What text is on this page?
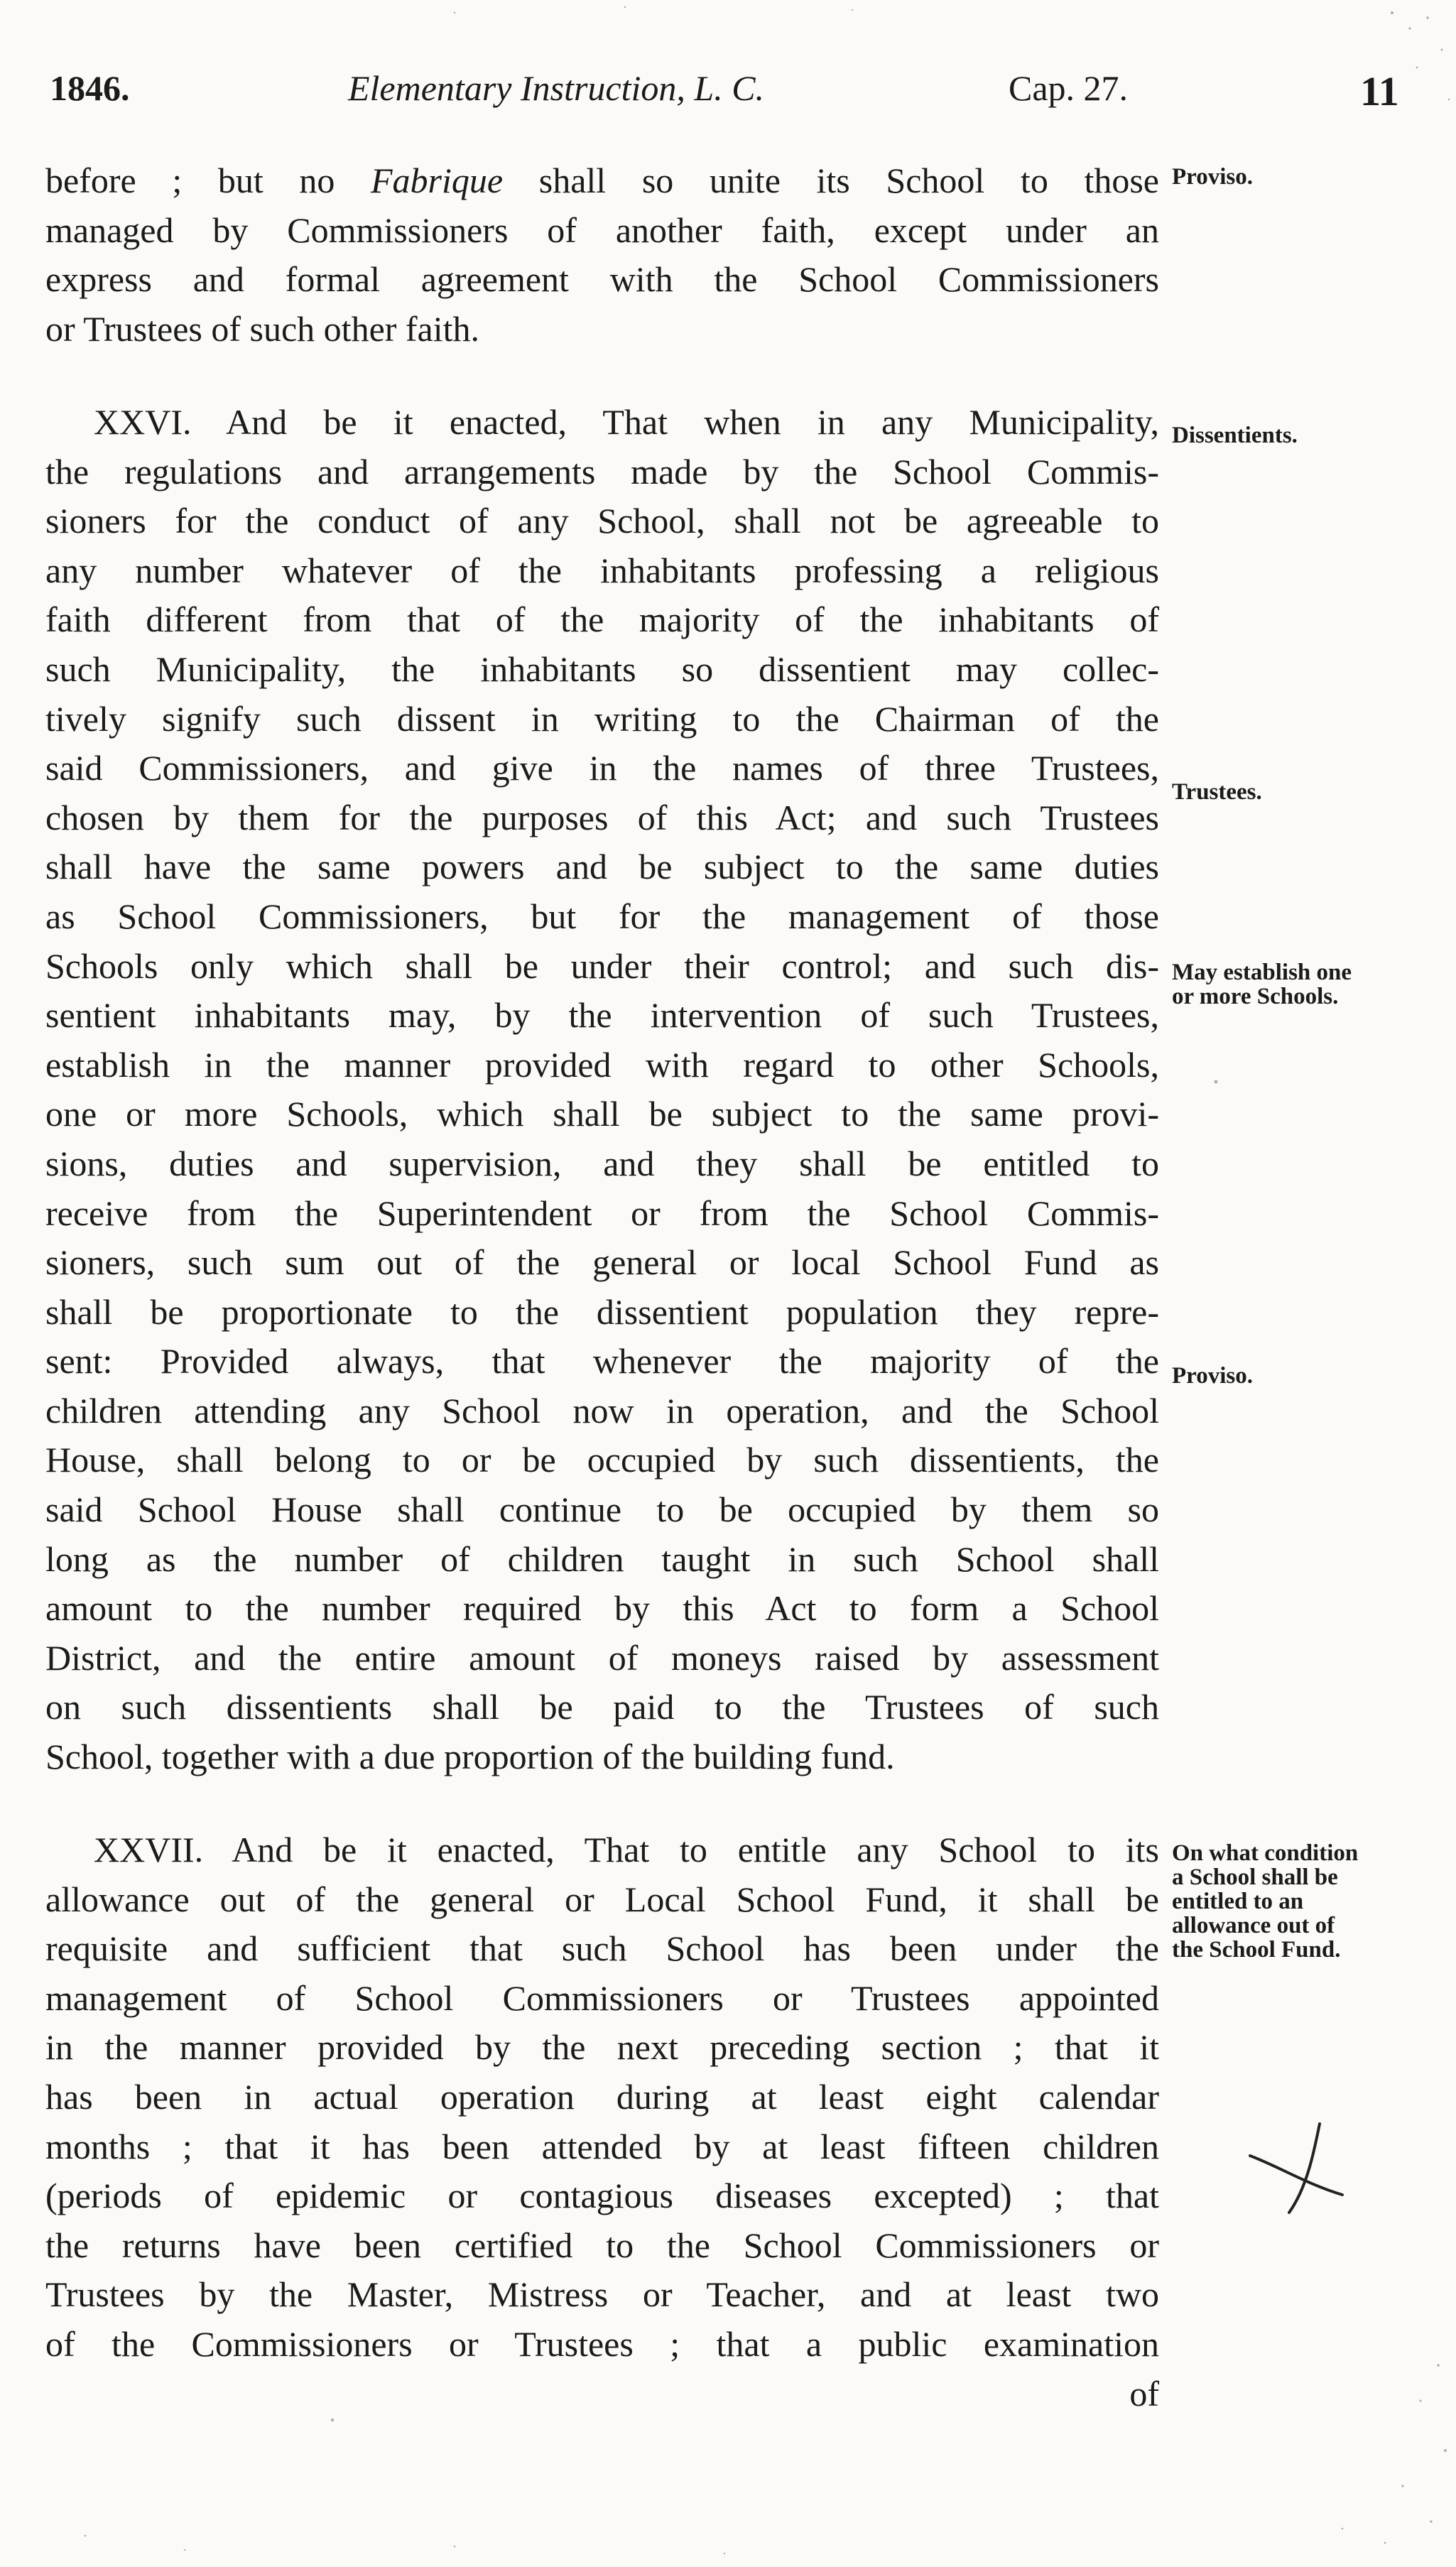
1846.	Elementary Instruction, L. C.	Cap. 27.	11

before ; but no Fabrique shall so unite its School to those

managed by Commissioners of another faith, except under an

express and formal agreement with the School Commissioners

or Trustees of such other faith.

XXVI. And be it enacted, That when in any Municipality,

the regulations and arrangements made by the School Commis-

sioners for the conduct of any School, shall not be agreeable to

any number whatever of the inhabitants professing a religious

faith different from that of the majority of the inhabitants of

such Municipality, the inhabitants so dissentient may collec-

tively signify such dissent in writing to the Chairman of the

said Commissioners, and give in the names of three Trustees,

chosen by them for the purposes of this Act; and such Trustees

shall have the same powers and be subject to the same duties

as School Commissioners, but for the management of those

Schools only which shall be under their control; and such dis-

sentient inhabitants may, by the intervention of such Trustees,

establish in the manner provided with regard to other Schools,

one or more Schools, which shall be subject to the same provi-

sions, duties and supervision, and they shall be entitled to

receive from the Superintendent or from the School Commis-

sioners, such sum out of the general or local School Fund as

shall be proportionate to the dissentient population they repre-

sent: Provided always, that whenever the majority of the

children attending any School now in operation, and the School

House, shall belong to or be occupied by such dissentients, the

said School House shall continue to be occupied by them so

long as the number of children taught in such School shall

amount to the number required by this Act to form a School

District, and the entire amount of moneys raised by assessment

on such dissentients shall be paid to the Trustees of such

School, together with a due proportion of the building fund.

XXVII. And be it enacted, That to entitle any School to its

allowance out of the general or Local School Fund, it shall be

requisite and sufficient that such School has been under the

management of School Commissioners or Trustees appointed

in the manner provided by the next preceding section ; that it

has been in actual operation during at least eight calendar

months ; that it has been attended by at least fifteen children

(periods of epidemic or contagious diseases excepted) ; that

the returns have been certified to the School Commissioners or

Trustees by the Master, Mistress or Teacher, and at least two

of the Commissioners or Trustees ; that a public examination

of

Proviso.
Dissentients.
Trustees.
May establish one or more Schools.
Proviso.
On what condition a School shall be entitled to an allowance out of the School Fund.
